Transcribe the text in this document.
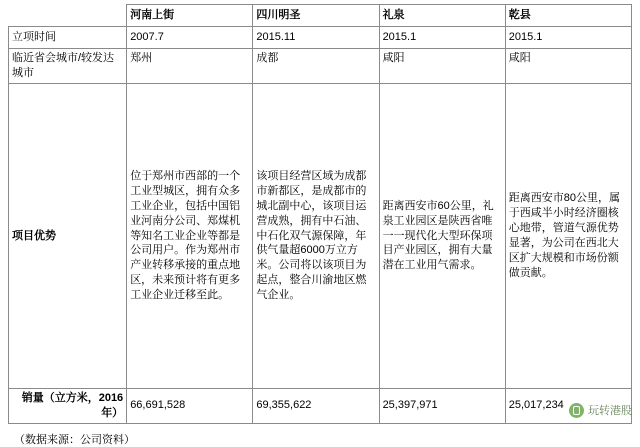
	河南上街	四川明圣	礼泉	乾县
立项时间	2007.7	2015.11	2015.1	2015.1
临近省会城市/较发达城市	郑州	成都	咸阳	咸阳
项目优势	位于郑州市西部的一个工业型城区，拥有众多工业企业，包括中国铝业河南分公司、郑煤机等知名工业企业等都是公司用户。作为郑州市产业转移承接的重点地区，未来预计将有更多工业企业迁移至此。	该项目经营区域为成都市新都区，是成都市的城北副中心，该项目运营成熟，拥有中石油、中石化双气源保障，年供气量超6000万立方米。公司将以该项目为起点，整合川渝地区燃气企业。	距离西安市60公里，礼泉工业园区是陕西省唯一一现代化大型环保项目产业园区，拥有大量潜在工业用气需求。	距离西安市80公里，属于西咸半小时经济圈核心地带，管道气源优势显著，为公司在西北大区扩大规模和市场份额做贡献。
销量（立方米，2016年）	66,691,528	69,355,622	25,397,971	25,017,234
（数据来源：公司资料）
玩转港股
